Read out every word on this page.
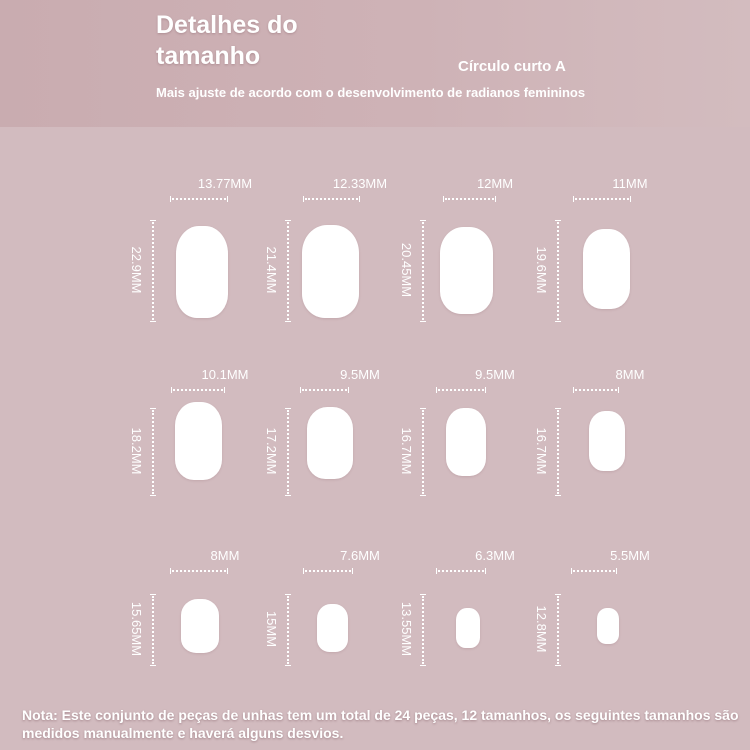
Detalhes do tamanho	Círculo curto A
Mais ajuste de acordo com o desenvolvimento de radianos femininos
13.77MM
22.9MM
12.33MM
21.4MM
12MM
20.45MM
11MM
19.6MM
10.1MM
18.2MM
9.5MM
17.2MM
9.5MM
16.7MM
8MM
16.7MM
8MM
15.65MM
7.6MM
15MM
6.3MM
13.55MM
5.5MM
12.8MM
Nota: Este conjunto de peças de unhas tem um total de 24 peças, 12 tamanhos, os seguintes tamanhos são medidos manualmente e haverá alguns desvios.
